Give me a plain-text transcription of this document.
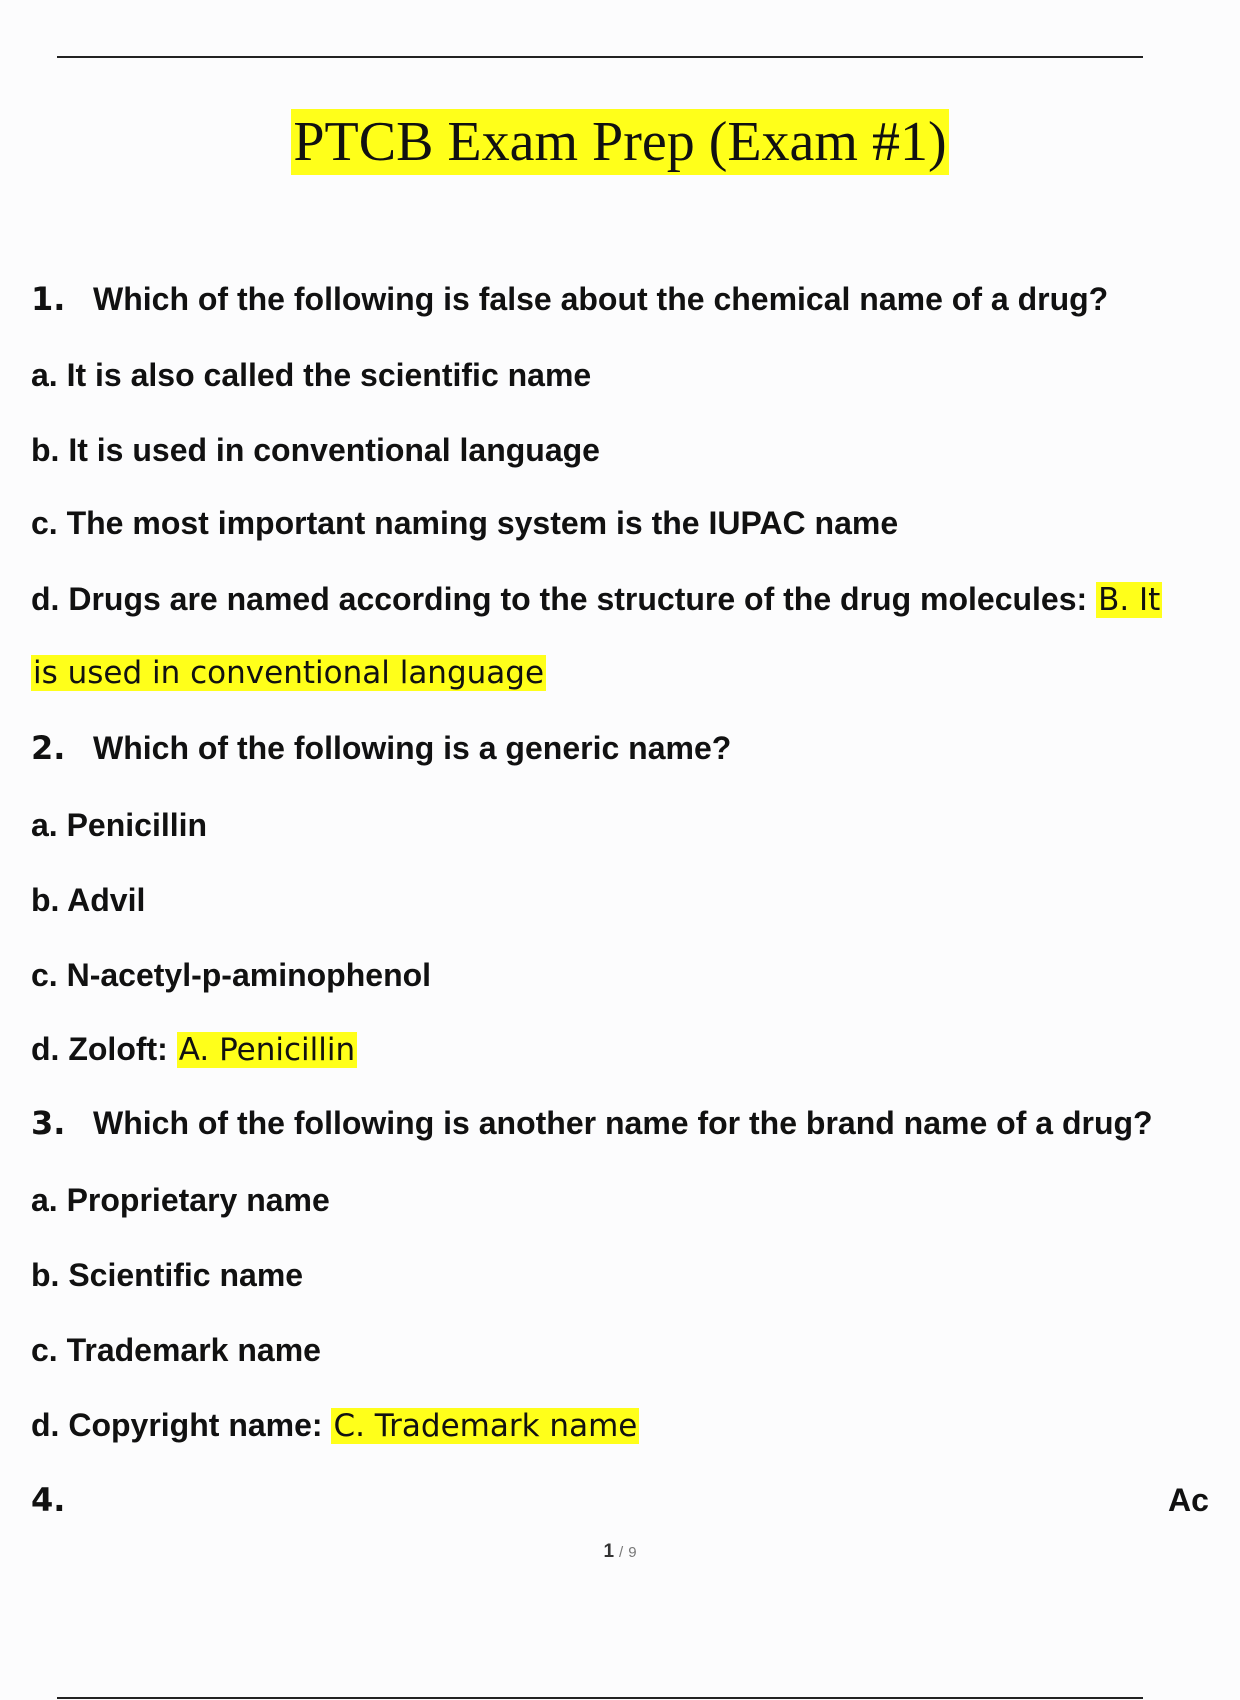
PTCB Exam Prep (Exam #1)
1. Which of the following is false about the chemical name of a drug?
a. It is also called the scientific name
b. It is used in conventional language
c. The most important naming system is the IUPAC name
d. Drugs are named according to the structure of the drug molecules: B. It
is used in conventional language
2. Which of the following is a generic name?
a. Penicillin
b. Advil
c. N-acetyl-p-aminophenol
d. Zoloft: A. Penicillin
3. Which of the following is another name for the brand name of a drug?
a. Proprietary name
b. Scientific name
c. Trademark name
d. Copyright name: C. Trademark name
4.	Ac
1 / 9
